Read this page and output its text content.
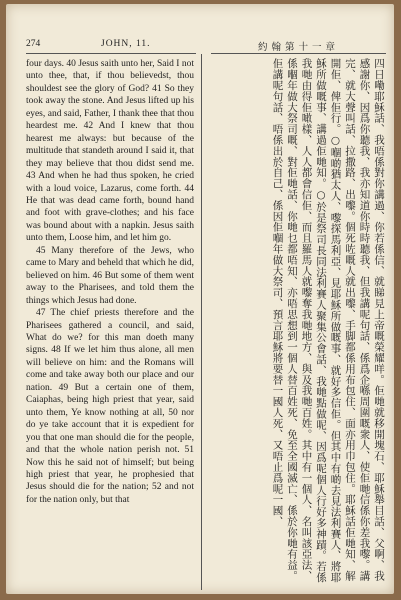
274	JOHN, 11.	約翰第十一章

four days. 40 Jesus saith unto her, Said I not unto thee, that, if thou believedst, thou shouldest see the glory of God? 41 So they took away the stone. And Jesus lifted up his eyes, and said, Father, I thank thee that thou heardest me. 42 And I knew that thou hearest me always: but because of the multitude that standeth around I said it, that they may believe that thou didst send me. 43 And when he had thus spoken, he cried with a loud voice, Lazarus, come forth. 44 He that was dead came forth, bound hand and foot with grave-clothes; and his face was bound about with a napkin. Jesus saith unto them, Loose him, and let him go.

45 Many therefore of the Jews, who came to Mary and beheld that which he did, believed on him. 46 But some of them went away to the Pharisees, and told them the things which Jesus had done.

47 The chief priests therefore and the Pharisees gathered a council, and said, What do we? for this man doeth many signs. 48 If we let him thus alone, all men will believe on him: and the Romans will come and take away both our place and our nation. 49 But a certain one of them, Caiaphas, being high priest that year, said unto them, Ye know nothing at all, 50 nor do ye take account that it is expedient for you that one man should die for the people, and that the whole nation perish not. 51 Now this he said not of himself; but being high priest that year, he prophesied that Jesus should die for the nation; 52 and not for the nation only, but that	四日嘞耶穌話、我唔係對你講過、你若係信、就睇見上帝嘅榮耀咩。佢哋就移開塊石、耶穌舉目話、父啊、我感謝你、因爲你聽我、我亦知道你時時聽我、但我講呢句話、係爲企喺周圍嘅衆人、使佢哋信係你差我嚟。講完、就大聲叫話、拉撒路、出嚟。個死咗嘅人就出嚟、手脚都係用布包住、面亦用巾包住。耶穌話佢哋知、解開佢、俾佢行。○嗰啲猶太人、嚟探馬利亞、見耶穌所做嘅事、就好多信佢。但其中有啲去見法利賽人、將耶穌所做嘅事、講過佢哋知。○於是祭司長同法利賽人聚集公會話、我哋點做呢、因爲呢個人行好多神蹟。若係我哋由得佢噉樣、人人都會信佢、而且羅馬人就嚟奪我哋地方、與及我哋百姓。其中有一個人、名叫該亞法、係嗰年做大祭司嘅、對佢哋話、你哋乜都唔知、亦唔思想到一個人替百姓死、免至全國滅亡、係於你哋有益。佢講呢句話、唔係出於自己、係因佢嗰年做大祭司、預言耶穌將要替一國人死、又唔止爲呢一國、
